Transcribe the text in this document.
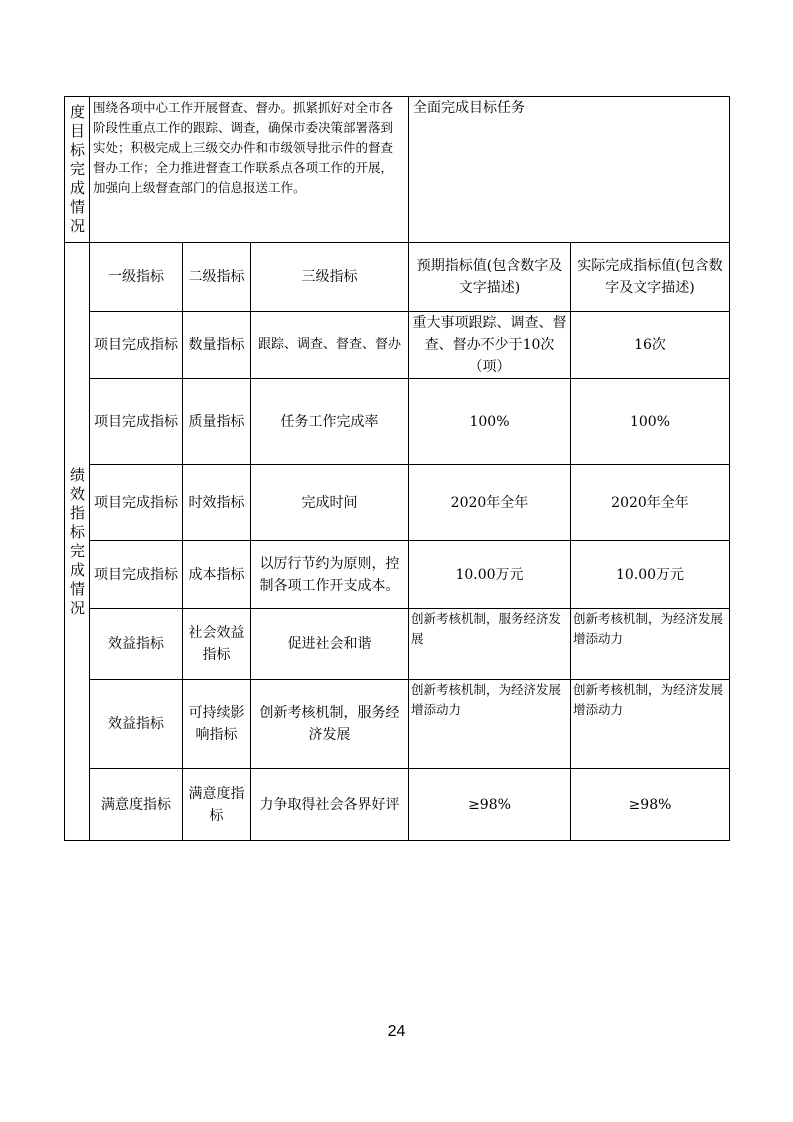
度目标完成情况	围绕各项中心工作开展督查、督办。抓紧抓好对全市各阶段性重点工作的跟踪、调查，确保市委决策部署落到实处；积极完成上三级交办件和市级领导批示件的督查督办工作；全力推进督查工作联系点各项工作的开展，加强向上级督查部门的信息报送工作。			全面完成目标任务	

绩效指标完成情况	一级指标	二级指标	三级指标	预期指标值(包含数字及文字描述)	实际完成指标值(包含数字及文字描述)
	项目完成指标	数量指标	跟踪、调查、督查、督办	重大事项跟踪、调查、督查、督办不少于10次（项）	16次
	项目完成指标	质量指标	任务工作完成率	100%	100%
	项目完成指标	时效指标	完成时间	2020年全年	2020年全年
	项目完成指标	成本指标	以厉行节约为原则，控制各项工作开支成本。	10.00万元	10.00万元
	效益指标	社会效益指标	促进社会和谐	创新考核机制，服务经济发展	创新考核机制，为经济发展增添动力
	效益指标	可持续影响指标	创新考核机制，服务经济发展	创新考核机制，为经济发展增添动力	创新考核机制，为经济发展增添动力
	满意度指标	满意度指标	力争取得社会各界好评	≥98%	≥98%
24
